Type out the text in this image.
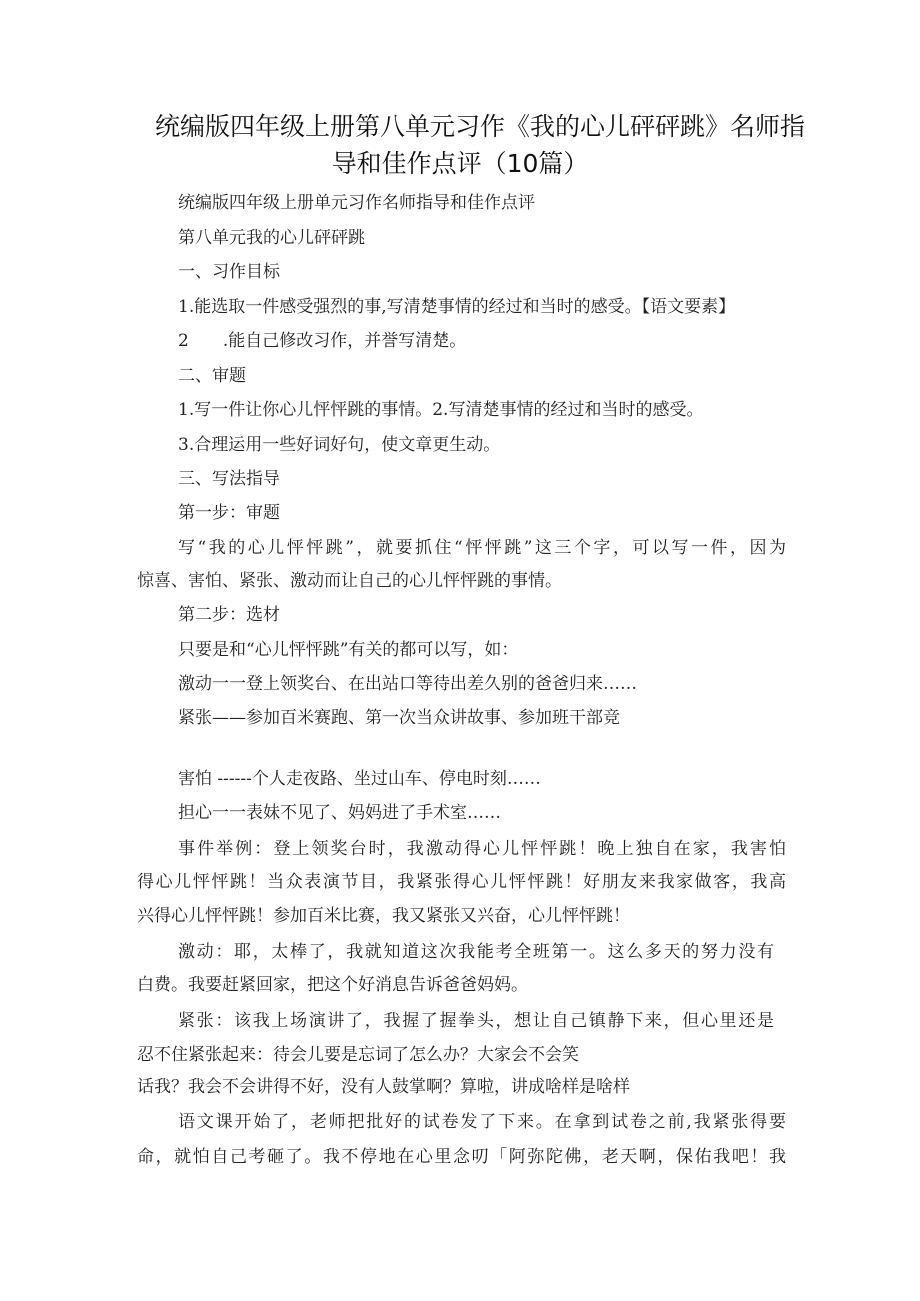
统编版四年级上册第八单元习作《我的心儿砰砰跳》名师指
导和佳作点评（10篇）

统编版四年级上册单元习作名师指导和佳作点评

第八单元我的心儿砰砰跳

一、习作目标

1.能选取一件感受强烈的事,写清楚事情的经过和当时的感受。【语文要素】

2　　.能自己修改习作，并誉写清楚。

二、审题

1.写一件让你心儿怦怦跳的事情。2.写清楚事情的经过和当时的感受。

3.合理运用一些好词好句，使文章更生动。

三、写法指导

第一步：审题

写“我的心儿怦怦跳”，就要抓住“怦怦跳”这三个字，可以写一件，因为

惊喜、害怕、紧张、激动而让自己的心儿怦怦跳的事情。

第二步：选材

只要是和“心儿怦怦跳”有关的都可以写，如：

激动一一登上领奖台、在出站口等待出差久别的爸爸归来……

紧张——参加百米赛跑、第一次当众讲故事、参加班干部竞

害怕 ------个人走夜路、坐过山车、停电时刻……

担心一一表妹不见了、妈妈进了手术室……

事件举例：登上领奖台时，我激动得心儿怦怦跳！晚上独自在家，我害怕

得心儿怦怦跳！当众表演节目，我紧张得心儿怦怦跳！好朋友来我家做客，我高

兴得心儿怦怦跳！参加百米比赛，我又紧张又兴奋，心儿怦怦跳！

激动：耶，太棒了，我就知道这次我能考全班第一。这么多天的努力没有

白费。我要赶紧回家，把这个好消息告诉爸爸妈妈。

紧张：该我上场演讲了，我握了握拳头，想让自己镇静下来，但心里还是

忍不住紧张起来：待会儿要是忘词了怎么办？大家会不会笑

话我？我会不会讲得不好，没有人鼓掌啊？算啦，讲成啥样是啥样

语文课开始了，老师把批好的试卷发了下来。在拿到试卷之前,我紧张得要

命，就怕自己考砸了。我不停地在心里念叨「阿弥陀佛，老天啊，保佑我吧！我
